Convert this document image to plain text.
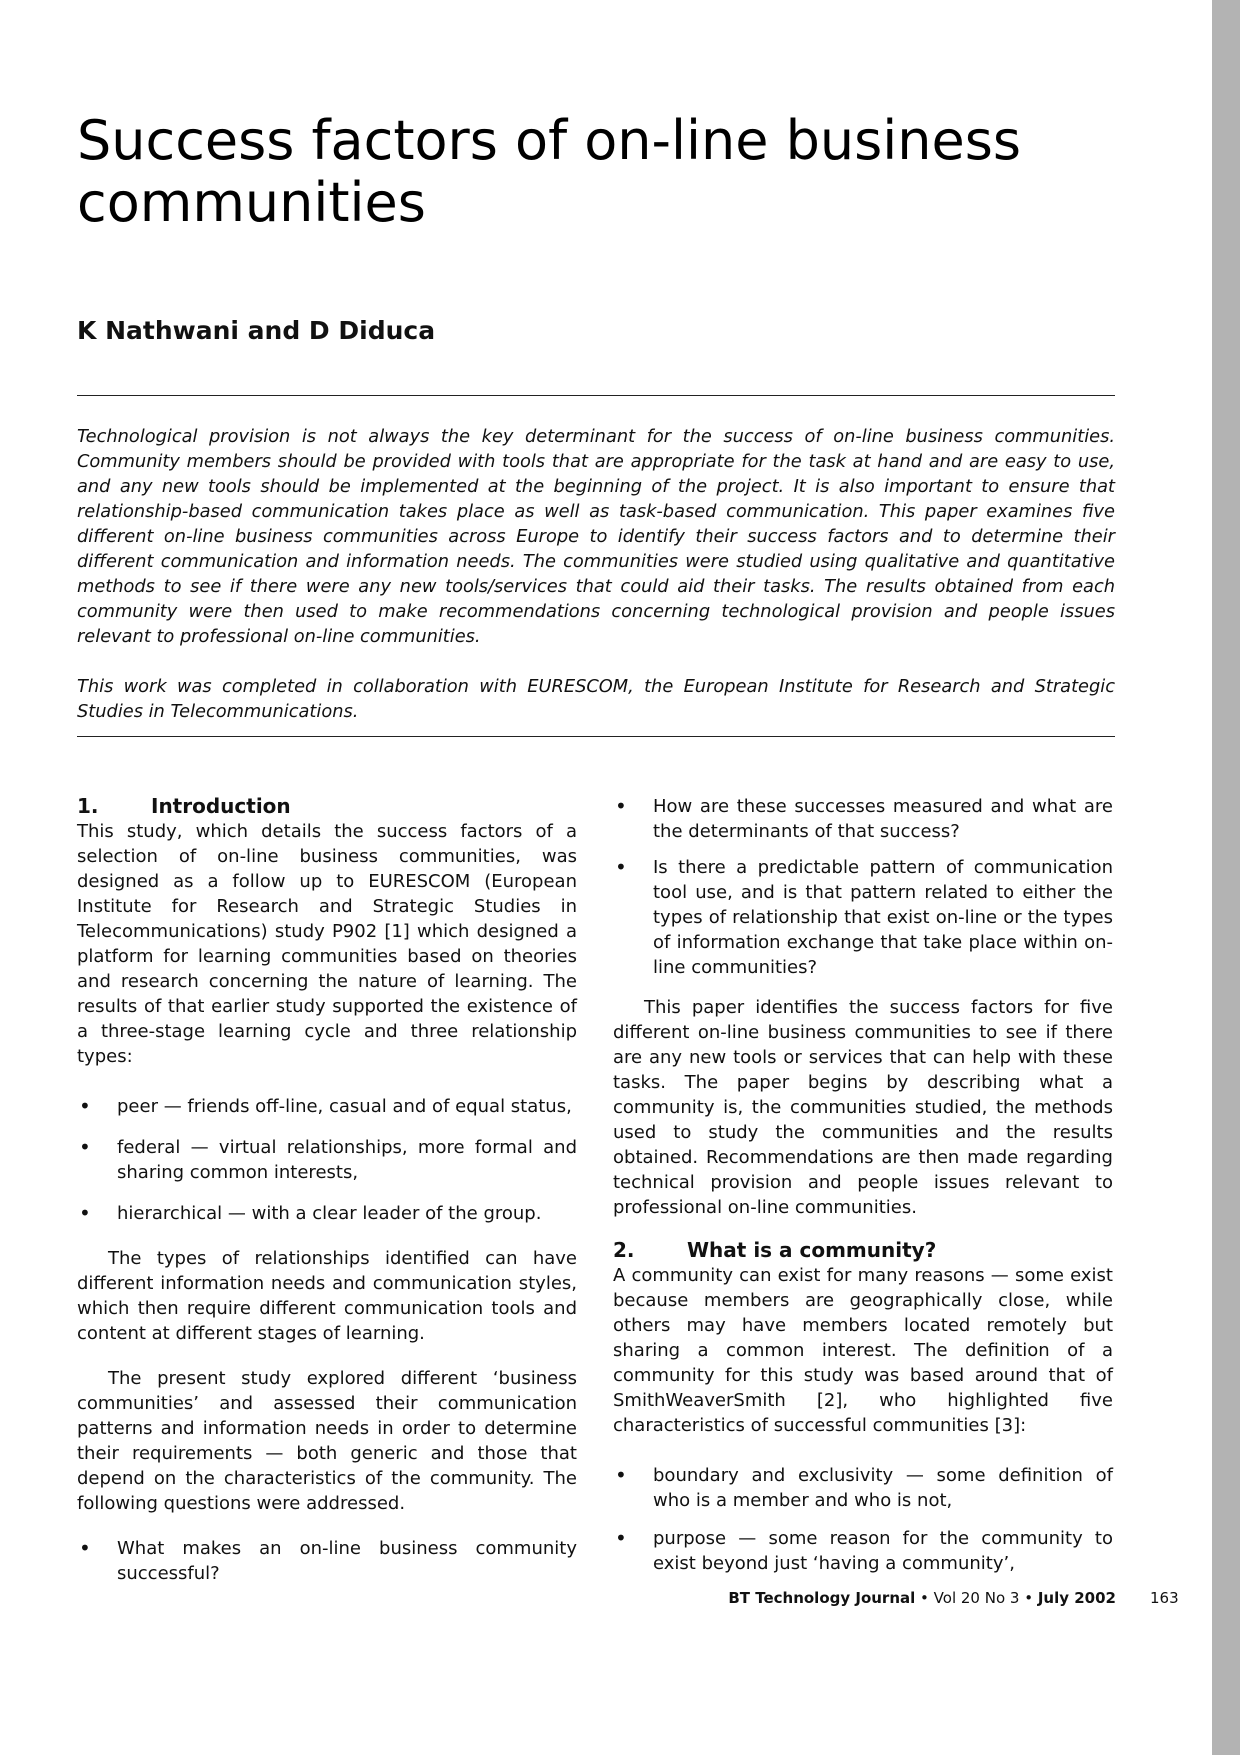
Success factors of on-line business communities
K Nathwani and D Diduca

Technological provision is not always the key determinant for the success of on-line business communities. Community members should be provided with tools that are appropriate for the task at hand and are easy to use, and any new tools should be implemented at the beginning of the project. It is also important to ensure that relationship-based communication takes place as well as task-based communication. This paper examines five different on-line business communities across Europe to identify their success factors and to determine their different communication and information needs. The communities were studied using qualitative and quantitative methods to see if there were any new tools/services that could aid their tasks. The results obtained from each community were then used to make recommendations concerning technological provision and people issues relevant to professional on-line communities.

This work was completed in collaboration with EURESCOM, the European Institute for Research and Strategic Studies in Telecommunications.

1.	Introduction

This study, which details the success factors of a selection of on-line business communities, was designed as a follow up to EURESCOM (European Institute for Research and Strategic Studies in Telecommunications) study P902 [1] which designed a platform for learning communities based on theories and research concerning the nature of learning. The results of that earlier study supported the existence of a three-stage learning cycle and three relationship types:

• peer — friends off-line, casual and of equal status,
• federal — virtual relationships, more formal and sharing common interests,
• hierarchical — with a clear leader of the group.

The types of relationships identified can have different information needs and communication styles, which then require different communication tools and content at different stages of learning.

The present study explored different ‘business communities’ and assessed their communication patterns and information needs in order to determine their requirements — both generic and those that depend on the characteristics of the community. The following questions were addressed.

• What makes an on-line business community successful?
• How are these successes measured and what are the determinants of that success?
• Is there a predictable pattern of communication tool use, and is that pattern related to either the types of relationship that exist on-line or the types of information exchange that take place within on-line communities?

This paper identifies the success factors for five different on-line business communities to see if there are any new tools or services that can help with these tasks. The paper begins by describing what a community is, the communities studied, the methods used to study the communities and the results obtained. Recommendations are then made regarding technical provision and people issues relevant to professional on-line communities.

2.	What is a community?

A community can exist for many reasons — some exist because members are geographically close, while others may have members located remotely but sharing a common interest. The definition of a community for this study was based around that of SmithWeaverSmith [2], who highlighted five characteristics of successful communities [3]:

• boundary and exclusivity — some definition of who is a member and who is not,
• purpose — some reason for the community to exist beyond just ‘having a community’,
BT Technology Journal • Vol 20 No 3 • July 2002 163
